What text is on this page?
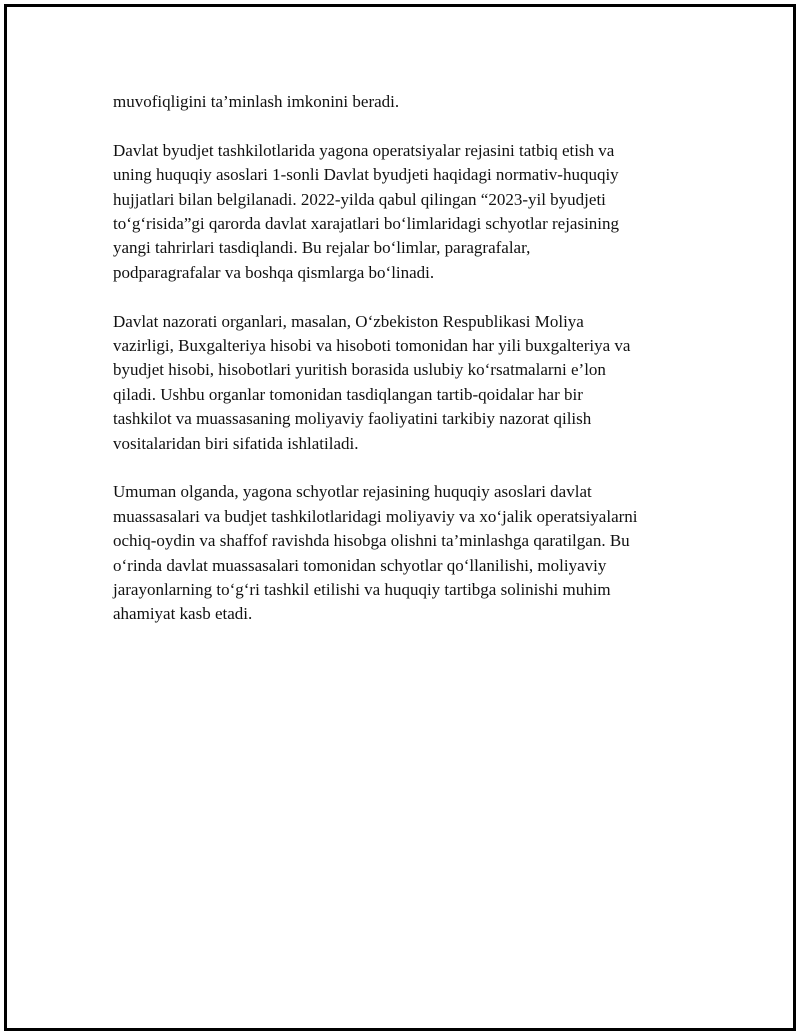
muvofiqligini ta’minlash imkonini beradi.

Davlat byudjet tashkilotlarida yagona operatsiyalar rejasini tatbiq etish va
uning huquqiy asoslari 1-sonli Davlat byudjeti haqidagi normativ-huquqiy
hujjatlari bilan belgilanadi. 2022-yilda qabul qilingan “2023-yil byudjeti
to‘g‘risida”gi qarorda davlat xarajatlari bo‘limlaridagi schyotlar rejasining
yangi tahrirlari tasdiqlandi. Bu rejalar bo‘limlar, paragrafalar,
podparagrafalar va boshqa qismlarga bo‘linadi.

Davlat nazorati organlari, masalan, O‘zbekiston Respublikasi Moliya
vazirligi, Buxgalteriya hisobi va hisoboti tomonidan har yili buxgalteriya va
byudjet hisobi, hisobotlari yuritish borasida uslubiy ko‘rsatmalarni e’lon
qiladi. Ushbu organlar tomonidan tasdiqlangan tartib-qoidalar har bir
tashkilot va muassasaning moliyaviy faoliyatini tarkibiy nazorat qilish
vositalaridan biri sifatida ishlatiladi.

Umuman olganda, yagona schyotlar rejasining huquqiy asoslari davlat
muassasalari va budjet tashkilotlaridagi moliyaviy va xo‘jalik operatsiyalarni
ochiq-oydin va shaffof ravishda hisobga olishni ta’minlashga qaratilgan. Bu
o‘rinda davlat muassasalari tomonidan schyotlar qo‘llanilishi, moliyaviy
jarayonlarning to‘g‘ri tashkil etilishi va huquqiy tartibga solinishi muhim
ahamiyat kasb etadi.
